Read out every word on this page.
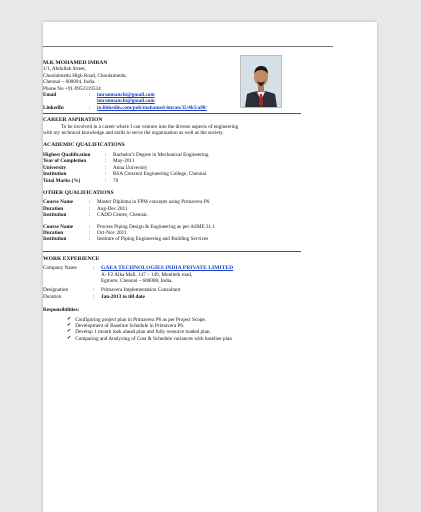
M.K MOHAMED IMRAN
1/1, Abdullah Street,
Choolaimedu High Road, Choolaimedu,
Chennai – 600094, India.
Phone No +91-9952319534
Email	:	imranmanchi@gmail.com
imranmanchi@gmail.com
LinkedIn	:	in.linkedin.com/pub/mohamed-imran/35/4b5/a88/
CAREER ASPIRATION
To be involved in a career where I can venture into the diverse aspects of engineering
with my technical knowledge and skills to serve the organization as well as the society.
ACADEMIC QUALIFICATIONS
Highest Qualification	:	Bachelor's Degree in Mechanical Engineering
Year of Completion	:	May-2011
University	:	Anna University
Institution	:	BSA Crescent Engineering College, Chennai
Total Marks (%)	:	70
OTHER QUALIFICATIONS
Course Name	:	Master Diploma in FPM concepts using Primavera P6.
Duration	:	Aug-Dec 2011
Institution	:	CADD Centre, Chennai.
Course Name	:	Process Piping Design & Engineering as per ASME 31.1
Duration	:	Oct-Nov 2011
Institution	:	Institute of Piping Engineering and Building Services
WORK EXPERIENCE
Company Name	:	GAEA TECHNOLOGIES INDIA PRIVATE LIMITED
A- F2 Alka Mall, 147 – 149, Montieth road,
Egmore, Chennai – 600008, India.
Designation	:	Primavera Implementation Consultant
Duration	:	Jan-2013 to till date
Responsibilities:
✔ Configuring project plan in Primavera P6 as per Project Scope.
✔ Development of Baseline Schedule in Primavera P6.
✔ Develop 1 month look ahead plan and fully resource loaded plan.
✔ Comparing and Analyzing of Cost & Schedule variances with baseline plan
